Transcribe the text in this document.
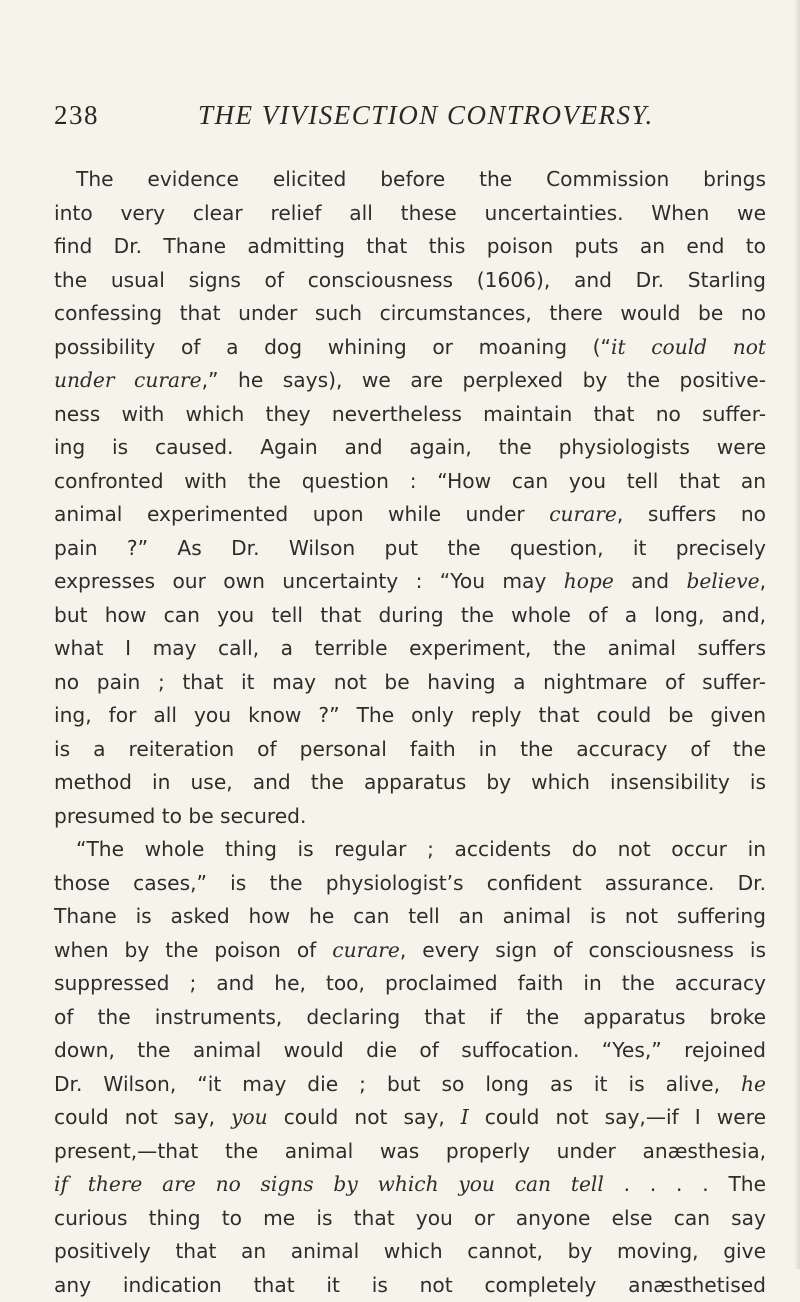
238	THE VIVISECTION CONTROVERSY.
The evidence elicited before the Commission brings
into very clear relief all these uncertainties. When we
find Dr. Thane admitting that this poison puts an end to
the usual signs of consciousness (1606), and Dr. Starling
confessing that under such circumstances, there would be no
possibility of a dog whining or moaning (“it could not
under curare,” he says), we are perplexed by the positive-
ness with which they nevertheless maintain that no suffer-
ing is caused. Again and again, the physiologists were
confronted with the question : “How can you tell that an
animal experimented upon while under curare, suffers no
pain ?” As Dr. Wilson put the question, it precisely
expresses our own uncertainty : “You may hope and believe,
but how can you tell that during the whole of a long, and,
what I may call, a terrible experiment, the animal suffers
no pain ; that it may not be having a nightmare of suffer-
ing, for all you know ?” The only reply that could be given
is a reiteration of personal faith in the accuracy of the
method in use, and the apparatus by which insensibility is
presumed to be secured.
“The whole thing is regular ; accidents do not occur in
those cases,” is the physiologist’s confident assurance. Dr.
Thane is asked how he can tell an animal is not suffering
when by the poison of curare, every sign of consciousness is
suppressed ; and he, too, proclaimed faith in the accuracy
of the instruments, declaring that if the apparatus broke
down, the animal would die of suffocation. “Yes,” rejoined
Dr. Wilson, “it may die ; but so long as it is alive, he
could not say, you could not say, I could not say,—if I were
present,—that the animal was properly under anæsthesia,
if there are no signs by which you can tell . . . . The
curious thing to me is that you or anyone else can say
positively that an animal which cannot, by moving, give
any indication that it is not completely anæsthetised
